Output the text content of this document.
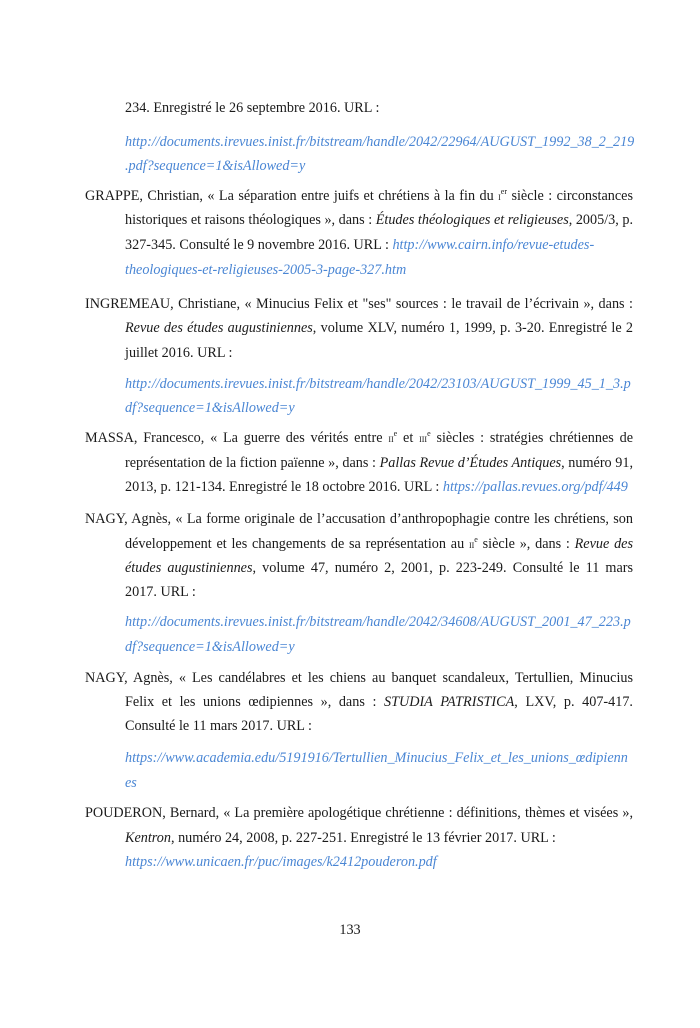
234. Enregistré le 26 septembre 2016. URL :
http://documents.irevues.inist.fr/bitstream/handle/2042/22964/AUGUST_1992_38_2_219
.pdf?sequence=1&isAllowed=y
GRAPPE, Christian, « La séparation entre juifs et chrétiens à la fin du $i^{er}$ siècle : circonstances
historiques et raisons théologiques », dans : Études théologiques et religieuses, 2005/3, p.
327-345. Consulté le 9 novembre 2016. URL : http://www.cairn.info/revue-etudes-
theologiques-et-religieuses-2005-3-page-327.htm
INGREMEAU, Christiane, « Minucius Felix et "ses" sources : le travail de l’écrivain », dans :
Revue des études augustiniennes, volume XLV, numéro 1, 1999, p. 3-20. Enregistré le 2
juillet 2016. URL :
http://documents.irevues.inist.fr/bitstream/handle/2042/23103/AUGUST_1999_45_1_3.p
df?sequence=1&isAllowed=y
MASSA, Francesco, « La guerre des vérités entre $ii^e$ et iii$^e$ siècles : stratégies chrétiennes de
représentation de la fiction païenne », dans : Pallas Revue d’Études Antiques, numéro 91,
2013, p. 121-134. Enregistré le 18 octobre 2016. URL : https://pallas.revues.org/pdf/449
NAGY, Agnès, « La forme originale de l’accusation d’anthropophagie contre les chrétiens, son
développement et les changements de sa représentation au $ii^e$ siècle », dans : Revue des
études augustiniennes, volume 47, numéro 2, 2001, p. 223-249. Consulté le 11 mars
2017. URL :
http://documents.irevues.inist.fr/bitstream/handle/2042/34608/AUGUST_2001_47_223.p
df?sequence=1&isAllowed=y
NAGY, Agnès, « Les candélabres et les chiens au banquet scandaleux, Tertullien, Minucius
Felix et les unions œdipiennes », dans : STUDIA PATRISTICA, LXV, p. 407-417.
Consulté le 11 mars 2017. URL :
https://www.academia.edu/5191916/Tertullien_Minucius_Felix_et_les_unions_œdipienn
es
POUDERON, Bernard, « La première apologétique chrétienne : définitions, thèmes et visées »,
Kentron, numéro 24, 2008, p. 227-251. Enregistré le 13 février 2017. URL :
https://www.unicaen.fr/puc/images/k2412pouderon.pdf
133
